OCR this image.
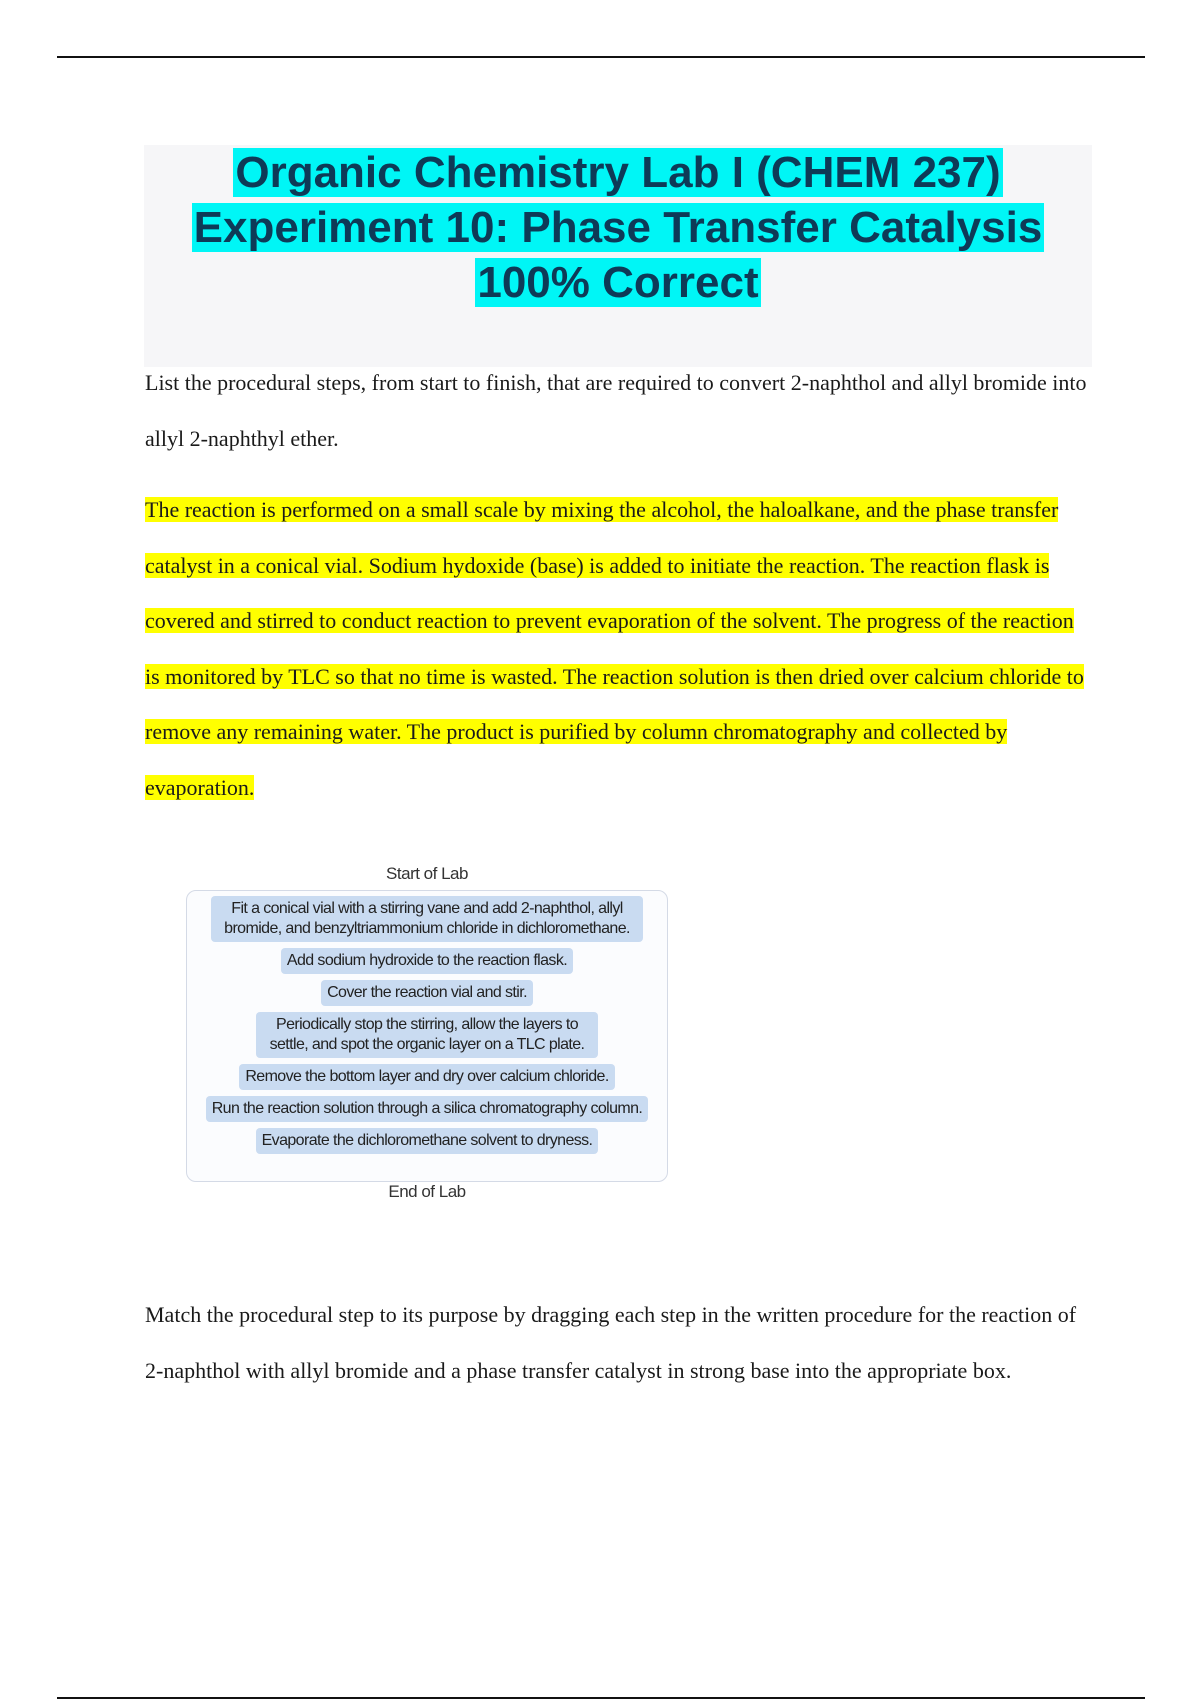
Organic Chemistry Lab I (CHEM 237)
Experiment 10: Phase Transfer Catalysis
100% Correct

List the procedural steps, from start to finish, that are required to convert 2-naphthol and allyl bromide into allyl 2-naphthyl ether.

The reaction is performed on a small scale by mixing the alcohol, the haloalkane, and the phase transfer catalyst in a conical vial. Sodium hydoxide (base) is added to initiate the reaction. The reaction flask is covered and stirred to conduct reaction to prevent evaporation of the solvent. The progress of the reaction is monitored by TLC so that no time is wasted. The reaction solution is then dried over calcium chloride to remove any remaining water. The product is purified by column chromatography and collected by evaporation.

Start of Lab
Fit a conical vial with a stirring vane and add 2-naphthol, allyl bromide, and benzyltriammonium chloride in dichloromethane.
Add sodium hydroxide to the reaction flask.
Cover the reaction vial and stir.
Periodically stop the stirring, allow the layers to settle, and spot the organic layer on a TLC plate.
Remove the bottom layer and dry over calcium chloride.
Run the reaction solution through a silica chromatography column.
Evaporate the dichloromethane solvent to dryness.
End of Lab

Match the procedural step to its purpose by dragging each step in the written procedure for the reaction of 2-naphthol with allyl bromide and a phase transfer catalyst in strong base into the appropriate box.
